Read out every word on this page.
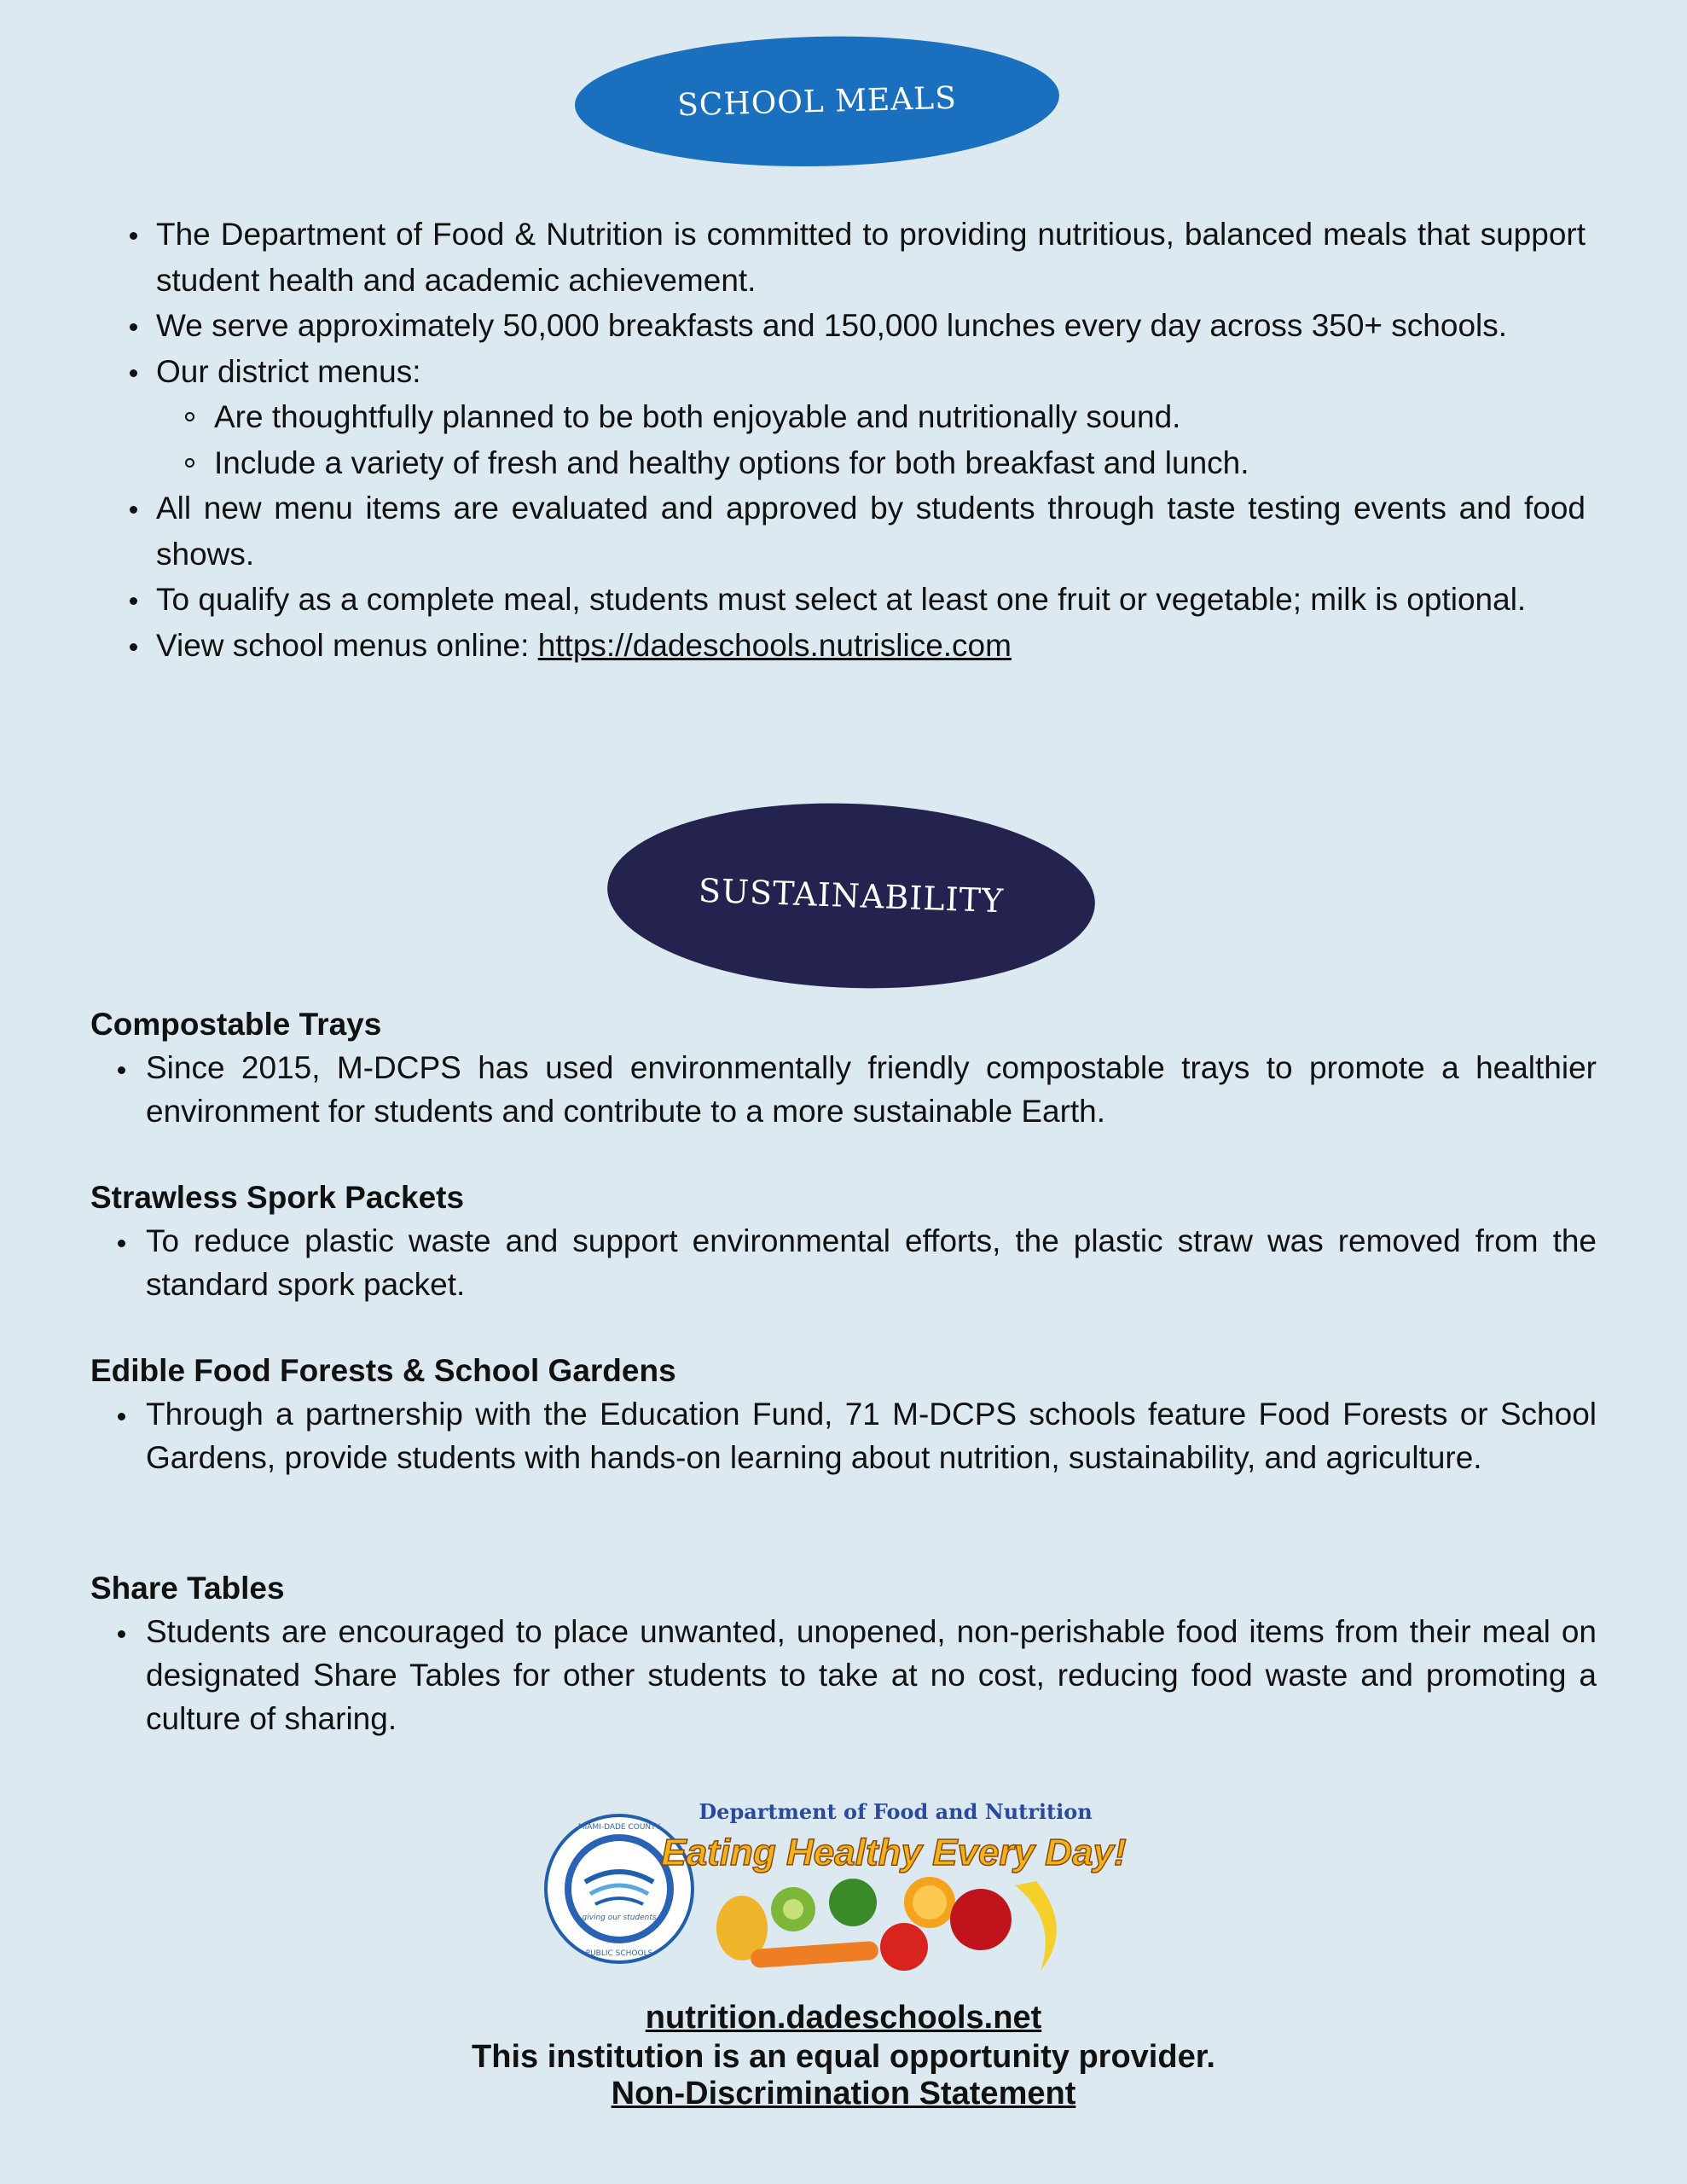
SCHOOL MEALS
The Department of Food & Nutrition is committed to providing nutritious, balanced meals that support student health and academic achievement.
We serve approximately 50,000 breakfasts and 150,000 lunches every day across 350+ schools.
Our district menus:
Are thoughtfully planned to be both enjoyable and nutritionally sound.
Include a variety of fresh and healthy options for both breakfast and lunch.
All new menu items are evaluated and approved by students through taste testing events and food shows.
To qualify as a complete meal, students must select at least one fruit or vegetable; milk is optional.
View school menus online: https://dadeschools.nutrislice.com
SUSTAINABILITY
Compostable Trays
Since 2015, M-DCPS has used environmentally friendly compostable trays to promote a healthier environment for students and contribute to a more sustainable Earth.
Strawless Spork Packets
To reduce plastic waste and support environmental efforts, the plastic straw was removed from the standard spork packet.
Edible Food Forests & School Gardens
Through a partnership with the Education Fund, 71 M-DCPS schools feature Food Forests or School Gardens, provide students with hands-on learning about nutrition, sustainability, and agriculture.
Share Tables
Students are encouraged to place unwanted, unopened, non-perishable food items from their meal on designated Share Tables for other students to take at no cost, reducing food waste and promoting a culture of sharing.
giving our students
MIAMI-DADE COUNTY
PUBLIC SCHOOLS
Department of Food and Nutrition
Eating Healthy Every Day!
nutrition.dadeschools.net
This institution is an equal opportunity provider.
Non-Discrimination Statement
